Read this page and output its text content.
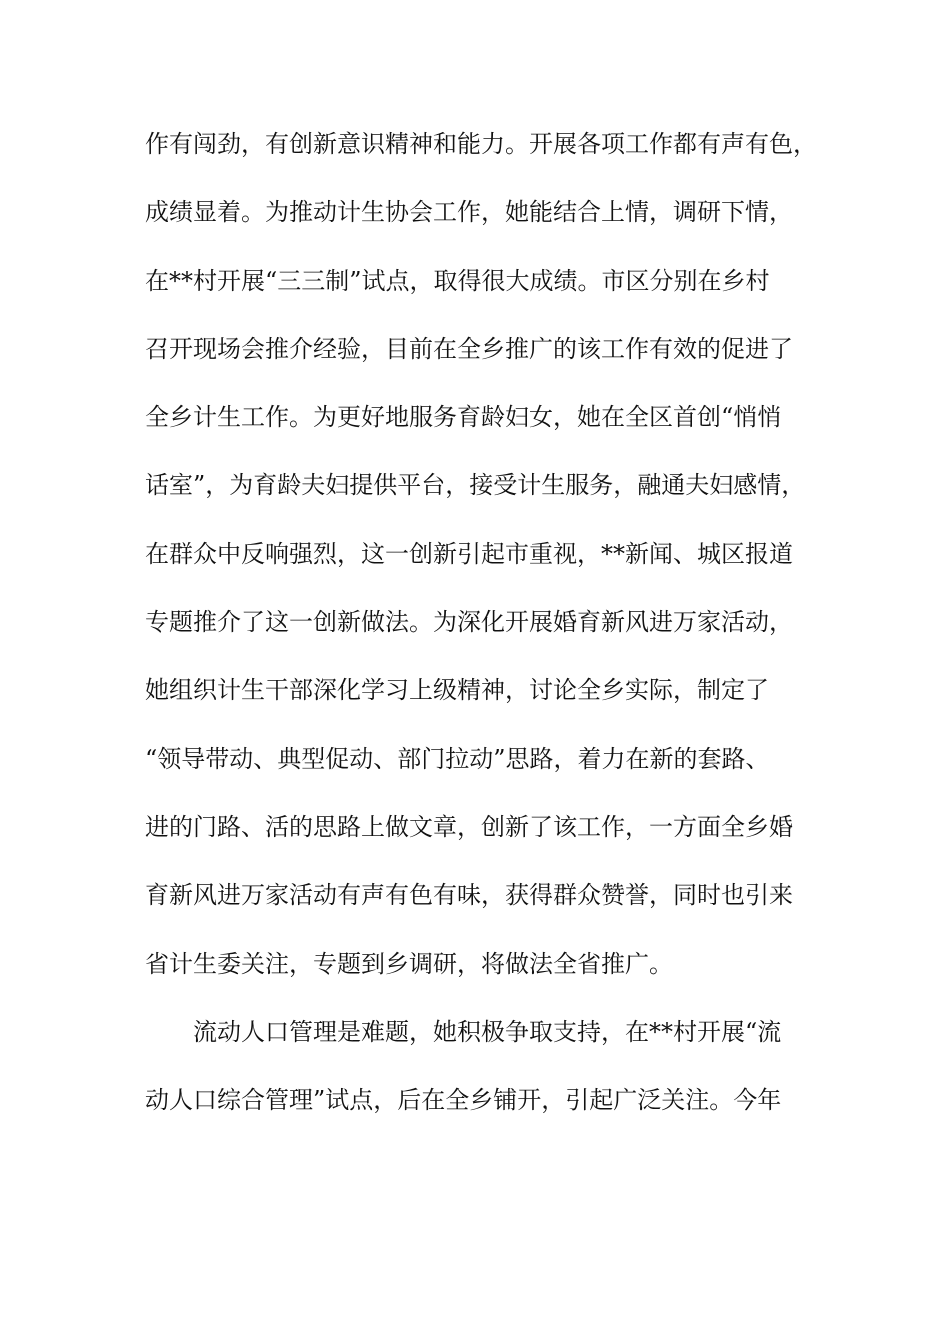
作有闯劲，有创新意识精神和能力。开展各项工作都有声有色，
成绩显着。为推动计生协会工作，她能结合上情，调研下情，
在**村开展“三三制”试点，取得很大成绩。市区分别在乡村
召开现场会推介经验，目前在全乡推广的该工作有效的促进了
全乡计生工作。为更好地服务育龄妇女，她在全区首创“悄悄
话室”，为育龄夫妇提供平台，接受计生服务，融通夫妇感情，
在群众中反响强烈，这一创新引起市重视，**新闻、城区报道
专题推介了这一创新做法。为深化开展婚育新风进万家活动，
她组织计生干部深化学习上级精神，讨论全乡实际，制定了
“领导带动、典型促动、部门拉动”思路，着力在新的套路、
进的门路、活的思路上做文章，创新了该工作，一方面全乡婚
育新风进万家活动有声有色有味，获得群众赞誉，同时也引来
省计生委关注，专题到乡调研，将做法全省推广。
流动人口管理是难题，她积极争取支持，在**村开展“流
动人口综合管理”试点，后在全乡铺开，引起广泛关注。今年
